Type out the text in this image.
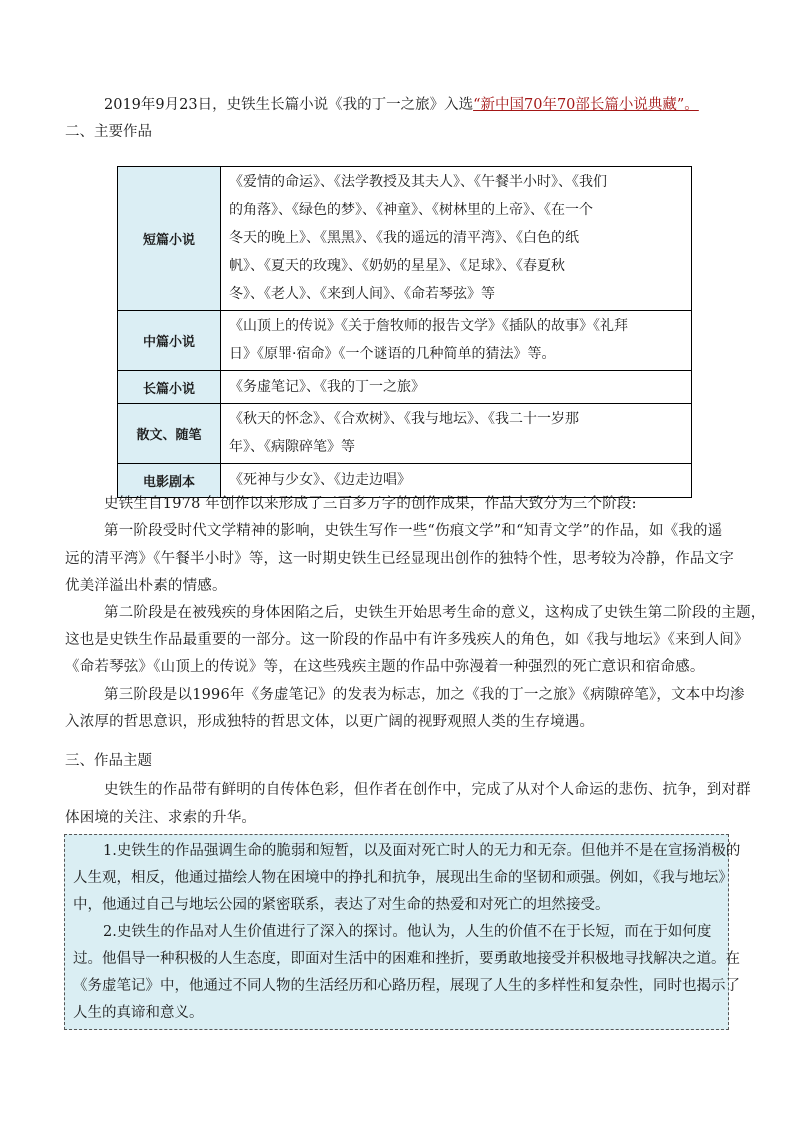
2019年9月23日，史铁生长篇小说《我的丁一之旅》入选“新中国70年70部长篇小说典藏”。
二、主要作品
短篇小说	《爱情的命运》、《法学教授及其夫人》、《午餐半小时》、《我们
的角落》、《绿色的梦》、《神童》、《树林里的上帝》、《在一个
冬天的晚上》、《黑黑》、《我的遥远的清平湾》、《白色的纸
帆》、《夏天的玫瑰》、《奶奶的星星》、《足球》、《春夏秋
冬》、《老人》、《来到人间》、《命若琴弦》等

中篇小说	《山顶上的传说》《关于詹牧师的报告文学》《插队的故事》《礼拜
日》《原罪·宿命》《一个谜语的几种简单的猜法》等。

长篇小说	《务虚笔记》、《我的丁一之旅》

散文、随笔	《秋天的怀念》、《合欢树》、《我与地坛》、《我二十一岁那
年》、《病隙碎笔》等

电影剧本	《死神与少女》、《边走边唱》
史铁生自1978 年创作以来形成了三百多万字的创作成果，作品大致分为三个阶段:
第一阶段受时代文学精神的影响，史铁生写作一些“伤痕文学”和“知青文学”的作品，如《我的遥
远的清平湾》《午餐半小时》等，这一时期史铁生已经显现出创作的独特个性，思考较为冷静，作品文字
优美洋溢出朴素的情感。
第二阶段是在被残疾的身体困陷之后，史铁生开始思考生命的意义，这构成了史铁生第二阶段的主题，
这也是史铁生作品最重要的一部分。这一阶段的作品中有许多残疾人的角色，如《我与地坛》《来到人间》
《命若琴弦》《山顶上的传说》等，在这些残疾主题的作品中弥漫着一种强烈的死亡意识和宿命感。
第三阶段是以1996年《务虚笔记》的发表为标志，加之《我的丁一之旅》《病隙碎笔》，文本中均渗
入浓厚的哲思意识，形成独特的哲思文体，以更广阔的视野观照人类的生存境遇。
三、作品主题
史铁生的作品带有鲜明的自传体色彩，但作者在创作中，完成了从对个人命运的悲伤、抗争，到对群
体困境的关注、求索的升华。
1.史铁生的作品强调生命的脆弱和短暂，以及面对死亡时人的无力和无奈。但他并不是在宣扬消极的
人生观，相反，他通过描绘人物在困境中的挣扎和抗争，展现出生命的坚韧和顽强。例如，《我与地坛》
中，他通过自己与地坛公园的紧密联系，表达了对生命的热爱和对死亡的坦然接受。
2.史铁生的作品对人生价值进行了深入的探讨。他认为，人生的价值不在于长短，而在于如何度
过。他倡导一种积极的人生态度，即面对生活中的困难和挫折，要勇敢地接受并积极地寻找解决之道。在
《务虚笔记》中，他通过不同人物的生活经历和心路历程，展现了人生的多样性和复杂性，同时也揭示了
人生的真谛和意义。
